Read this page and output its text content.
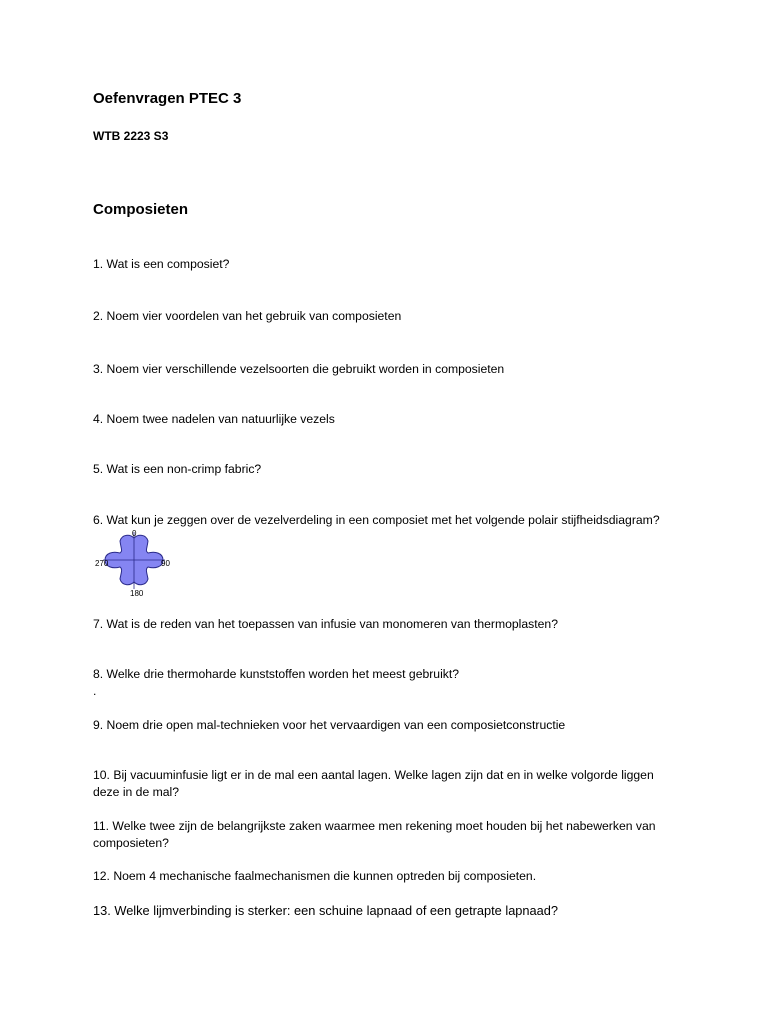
Oefenvragen PTEC 3

WTB 2223 S3

Composieten

1. Wat is een composiet?

2. Noem vier voordelen van het gebruik van composieten

3. Noem vier verschillende vezelsoorten die gebruikt worden in composieten

4. Noem twee nadelen van natuurlijke vezels

5. Wat is een non-crimp fabric?

6. Wat kun je zeggen over de vezelverdeling in een composiet met het volgende polair stijfheidsdiagram?

0
90
180
270

7. Wat is de reden van het toepassen van infusie van monomeren van thermoplasten?

8. Welke drie thermoharde kunststoffen worden het meest gebruikt?

.

9. Noem drie open mal-technieken voor het vervaardigen van een composietconstructie

10. Bij vacuuminfusie ligt er in de mal een aantal lagen. Welke lagen zijn dat en in welke volgorde liggen deze in de mal?

11. Welke twee zijn de belangrijkste zaken waarmee men rekening moet houden bij het nabewerken van composieten?

12. Noem 4 mechanische faalmechanismen die kunnen optreden bij composieten.

13. Welke lijmverbinding is sterker: een schuine lapnaad of een getrapte lapnaad?
